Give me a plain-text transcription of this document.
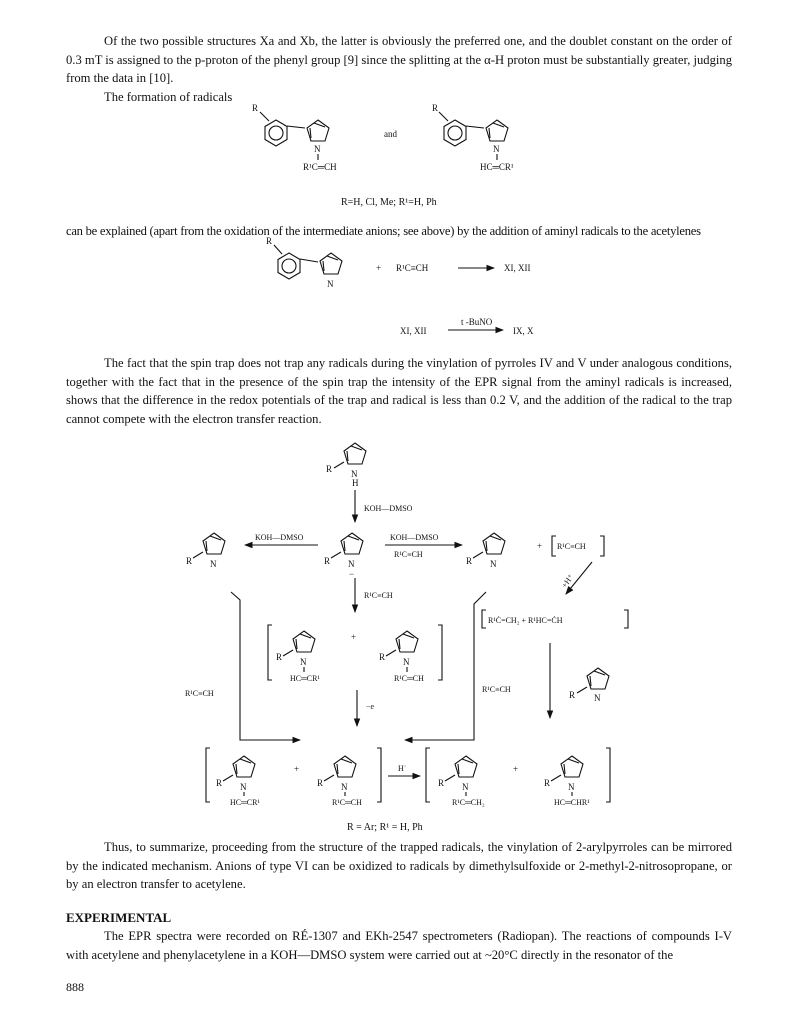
Of the two possible structures Xa and Xb, the latter is obviously the preferred one, and the doublet constant on the order of 0.3 mT is assigned to the p-proton of the phenyl group [9] since the splitting at the α-H proton must be substantially greater, judging from the data in [10].

The formation of radicals

R
N
R¹C═CH
and
R
N
HC═CR¹
R
N
+ R¹C≡CH	XI, XII
XI, XII
t -BuNO
IX, X
R N
H
KOH—DMSO
R N
−
KOH—DMSO
R N
KOH—DMSO
R¹C≡CH
R N
+ R¹C≡CH
+H⁺
R¹C≡CH
R¹Ċ=CH₂ + R¹HC=ĊH
R N
HC═CR¹
+
R N
R¹C═CH
R¹C≡CH
−e
R¹C≡CH
R N
R N
HC═CR¹
+
R N
R¹C═CH
H˙
R N
R¹C═CH₂
+
R N
HC═CHR¹
R=H, Cl, Me; R¹=H, Ph

can be explained (apart from the oxidation of the intermediate anions; see above) by the addition of aminyl radicals to the acetylenes

The fact that the spin trap does not trap any radicals during the vinylation of pyrroles IV and V under analogous conditions, together with the fact that in the presence of the spin trap the intensity of the EPR signal from the aminyl radicals is increased, shows that the difference in the redox potentials of the trap and radical is less than 0.2 V, and the addition of the radical to the trap cannot compete with the electron transfer reaction.

R = Ar; R¹ = H, Ph

Thus, to summarize, proceeding from the structure of the trapped radicals, the vinylation of 2-arylpyrroles can be mirrored by the indicated mechanism. Anions of type VI can be oxidized to radicals by dimethylsulfoxide or 2-methyl-2-nitrosopropane, or by an electron transfer to acetylene.

EXPERIMENTAL

The EPR spectra were recorded on RÉ-1307 and EKh-2547 spectrometers (Radiopan). The reactions of compounds I-V with acetylene and phenylacetylene in a KOH—DMSO system were carried out at ~20°C directly in the resonator of the

888
